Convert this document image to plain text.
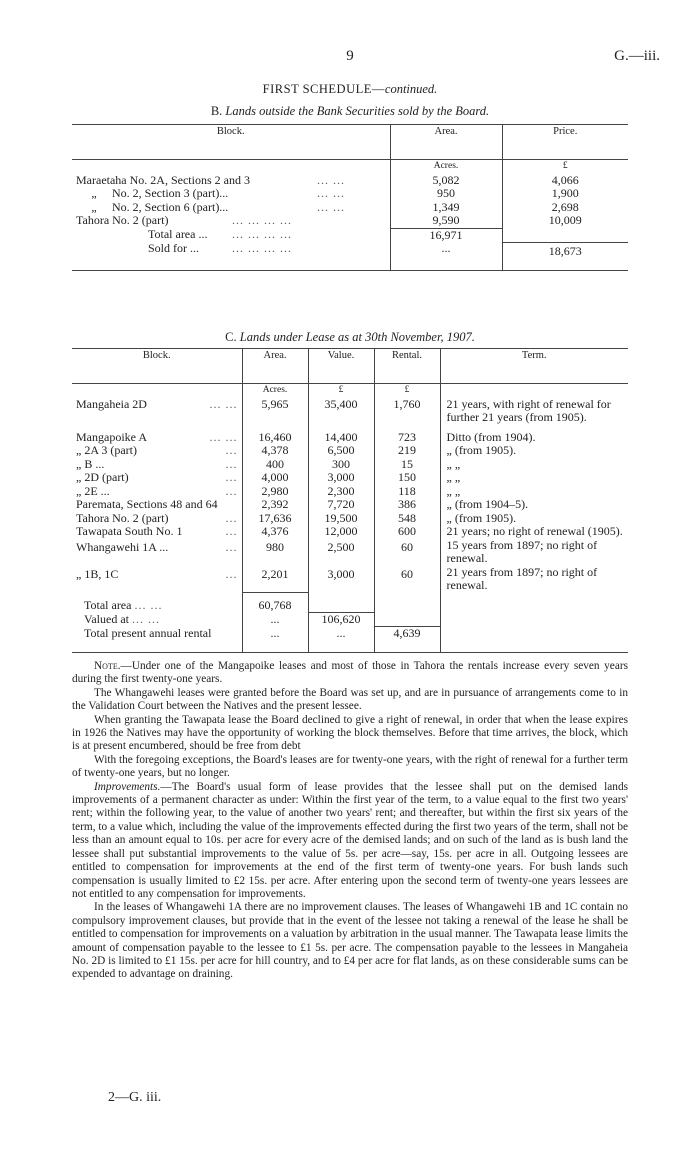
9	G.—iii.
FIRST SCHEDULE—continued.
B. Lands outside the Bank Securities sold by the Board.
Block.	Area.	Price.
	Acres.	£
Maraetaha No. 2A, Sections 2 and 3 ... ...	5,082	4,066
„ No. 2, Section 3 (part)... ... ...	950	1,900
„ No. 2, Section 6 (part)... ... ...	1,349	2,698
Tahora No. 2 (part) ... ... ... ...	9,590	10,009
Total area ... ... ... ... ...	16,971	
Sold for ... ... ... ... ...	...	18,673

C. Lands under Lease as at 30th November, 1907.
Block.	Area.	Value.	Rental.	Term.
	Acres.	£	£	
Mangaheia 2D ... ...	5,965	35,400	1,760	21 years, with right of renewal for further 21 years (from 1905).
Mangapoike A ... ...	16,460	14,400	723	Ditto (from 1904).
„ 2A 3 (part) ...	4,378	6,500	219	„ (from 1905).
„ B ... ...	400	300	15	„ „
„ 2D (part) ...	4,000	3,000	150	„ „
„ 2E ... ...	2,980	2,300	118	„ „
Paremata, Sections 48 and 64	2,392	7,720	386	„ (from 1904–5).
Tahora No. 2 (part) ...	17,636	19,500	548	„ (from 1905).
Tawapata South No. 1 ...	4,376	12,000	600	21 years; no right of renewal (1905).
Whangawehi 1A ... ...	980	2,500	60	15 years from 1897; no right of renewal.
„ 1B, 1C ...	2,201	3,000	60	21 years from 1897; no right of renewal.
Total area ... ...	60,768			
Valued at ... ...	...	106,620		
Total present annual rental	...	...	4,639	

Note.—Under one of the Mangapoike leases and most of those in Tahora the rentals increase every seven years during the first twenty-one years.

The Whangawehi leases were granted before the Board was set up, and are in pursuance of arrangements come to in the Validation Court between the Natives and the present lessee.

When granting the Tawapata lease the Board declined to give a right of renewal, in order that when the lease expires in 1926 the Natives may have the opportunity of working the block themselves. Before that time arrives, the block, which is at present encumbered, should be free from debt

With the foregoing exceptions, the Board's leases are for twenty-one years, with the right of renewal for a further term of twenty-one years, but no longer.

Improvements.—The Board's usual form of lease provides that the lessee shall put on the demised lands improvements of a permanent character as under: Within the first year of the term, to a value equal to the first two years' rent; within the following year, to the value of another two years' rent; and thereafter, but within the first six years of the term, to a value which, including the value of the improvements effected during the first two years of the term, shall not be less than an amount equal to 10s. per acre for every acre of the demised lands; and on such of the land as is bush land the lessee shall put substantial improvements to the value of 5s. per acre—say, 15s. per acre in all. Outgoing lessees are entitled to compensation for improvements at the end of the first term of twenty-one years. For bush lands such compensation is usually limited to £2 15s. per acre. After entering upon the second term of twenty-one years lessees are not entitled to any compensation for improvements.

In the leases of Whangawehi 1A there are no improvement clauses. The leases of Whangawehi 1B and 1C contain no compulsory improvement clauses, but provide that in the event of the lessee not taking a renewal of the lease he shall be entitled to compensation for improvements on a valuation by arbitration in the usual manner. The Tawapata lease limits the amount of compensation payable to the lessee to £1 5s. per acre. The compensation payable to the lessees in Mangaheia No. 2D is limited to £1 15s. per acre for hill country, and to £4 per acre for flat lands, as on these considerable sums can be expended to advantage on draining.

2—G. iii.
